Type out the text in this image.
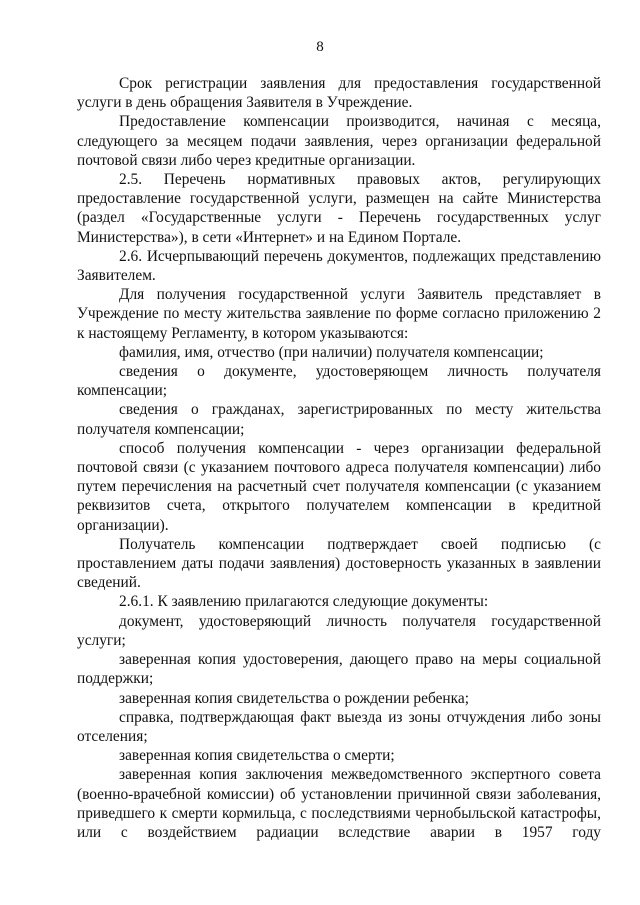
8

Срок регистрации заявления для предоставления государственной услуги в день обращения Заявителя в Учреждение.

Предоставление компенсации производится, начиная с месяца, следующего за месяцем подачи заявления, через организации федеральной почтовой связи либо через кредитные организации.

2.5. Перечень нормативных правовых актов, регулирующих предоставление государственной услуги, размещен на сайте Министерства (раздел «Государственные услуги - Перечень государственных услуг Министерства»), в сети «Интернет» и на Едином Портале.

2.6. Исчерпывающий перечень документов, подлежащих представлению Заявителем.

Для получения государственной услуги Заявитель представляет в Учреждение по месту жительства заявление по форме согласно приложению 2 к настоящему Регламенту, в котором указываются:

фамилия, имя, отчество (при наличии) получателя компенсации;

сведения о документе, удостоверяющем личность получателя компенсации;

сведения о гражданах, зарегистрированных по месту жительства получателя компенсации;

способ получения компенсации - через организации федеральной почтовой связи (с указанием почтового адреса получателя компенсации) либо путем перечисления на расчетный счет получателя компенсации (с указанием реквизитов счета, открытого получателем компенсации в кредитной организации).

Получатель компенсации подтверждает своей подписью (с проставлением даты подачи заявления) достоверность указанных в заявлении сведений.

2.6.1. К заявлению прилагаются следующие документы:

документ, удостоверяющий личность получателя государственной услуги;

заверенная копия удостоверения, дающего право на меры социальной поддержки;

заверенная копия свидетельства о рождении ребенка;

справка, подтверждающая факт выезда из зоны отчуждения либо зоны отселения;

заверенная копия свидетельства о смерти;

заверенная копия заключения межведомственного экспертного совета (военно-врачебной комиссии) об установлении причинной связи заболевания, приведшего к смерти кормильца, с последствиями чернобыльской катастрофы, или с воздействием радиации вследствие аварии в 1957 году
